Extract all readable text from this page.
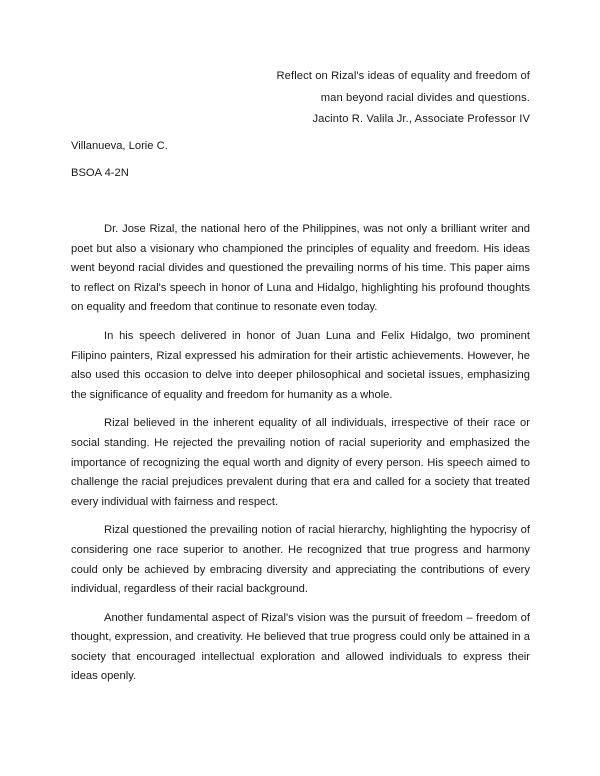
Reflect on Rizal's ideas of equality and freedom of
man beyond racial divides and questions.
Jacinto R. Valila Jr., Associate Professor IV
Villanueva, Lorie C.
BSOA 4-2N

Dr. Jose Rizal, the national hero of the Philippines, was not only a brilliant writer and poet but also a visionary who championed the principles of equality and freedom. His ideas went beyond racial divides and questioned the prevailing norms of his time. This paper aims to reflect on Rizal's speech in honor of Luna and Hidalgo, highlighting his profound thoughts on equality and freedom that continue to resonate even today.

In his speech delivered in honor of Juan Luna and Felix Hidalgo, two prominent Filipino painters, Rizal expressed his admiration for their artistic achievements. However, he also used this occasion to delve into deeper philosophical and societal issues, emphasizing the significance of equality and freedom for humanity as a whole.

Rizal believed in the inherent equality of all individuals, irrespective of their race or social standing. He rejected the prevailing notion of racial superiority and emphasized the importance of recognizing the equal worth and dignity of every person. His speech aimed to challenge the racial prejudices prevalent during that era and called for a society that treated every individual with fairness and respect.

Rizal questioned the prevailing notion of racial hierarchy, highlighting the hypocrisy of considering one race superior to another. He recognized that true progress and harmony could only be achieved by embracing diversity and appreciating the contributions of every individual, regardless of their racial background.

Another fundamental aspect of Rizal's vision was the pursuit of freedom – freedom of thought, expression, and creativity. He believed that true progress could only be attained in a society that encouraged intellectual exploration and allowed individuals to express their ideas openly.
